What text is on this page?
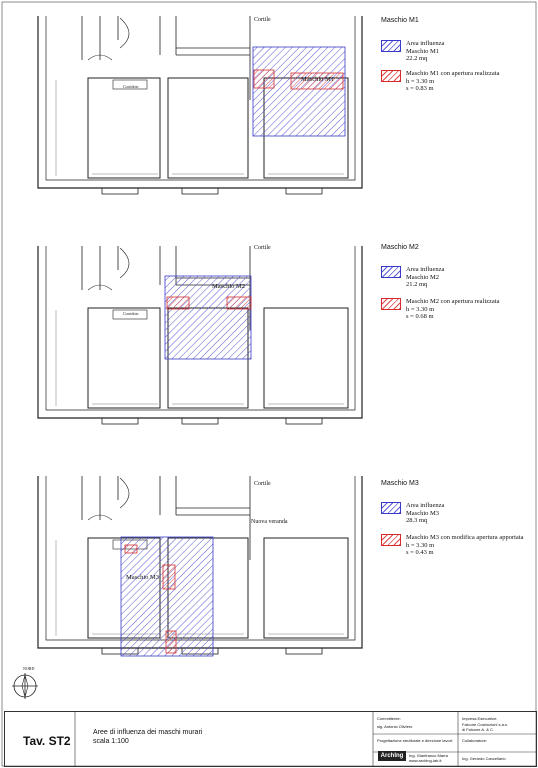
Maschio M1
Maschio M2
Maschio M3
Area influenza
Maschio M1
22.2 mq
Maschio M1 con apertura realizzata
h = 3.30 m
s = 0.83 m
Area influenza
Maschio M2
21.2 mq
Maschio M2 con apertura realizzata
h = 3.30 m
s = 0.68 m
Area influenza
Maschio M3
28.3 mq
Maschio M3 con modifica apertura apportata
h = 3.30 m
s = 0.43 m
Cortile
Cortile
Cortile
Maschio M1
Maschio M2
Maschio M3
Nuova veranda
Corridoio
Corridoio
NORD
Tav. ST2
Aree di influenza dei maschi murari
scala 1:100
Committente:
sig. Antonio Oliviero
Impresa Esecutrice:
Falcone Costruzioni s.a.s.
di Falcone A. & C.
Progettazione strutturale e direzione lavori: Collaboratore:
Ing. Gianfranco Marra
www.archlng-lab.it	Ing. Gerardo Cancellario
ArchIng
